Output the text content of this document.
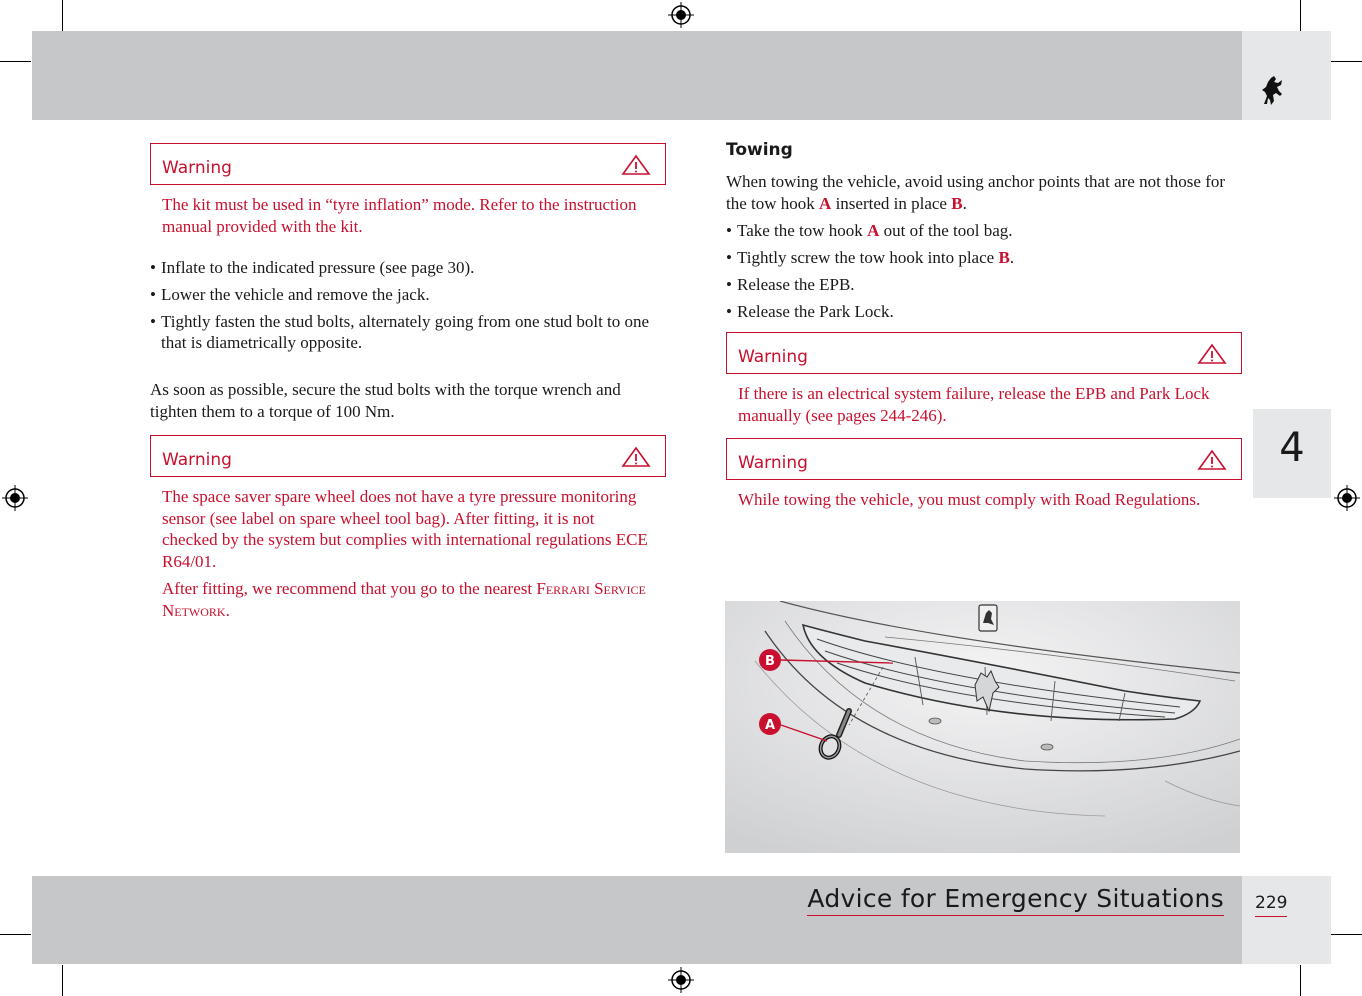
4
Warning

The kit must be used in “tyre inflation” mode. Refer to the instruction manual provided with the kit.

• Inflate to the indicated pressure (see page 30).
• Lower the vehicle and remove the jack.
• Tightly fasten the stud bolts, alternately going from one stud bolt to one that is diametrically opposite.

As soon as possible, secure the stud bolts with the torque wrench and tighten them to a torque of 100 Nm.

Warning

The space saver spare wheel does not have a tyre pressure monitoring sensor (see label on spare wheel tool bag). After fitting, it is not checked by the system but complies with international regulations ECE R64/01.

After fitting, we recommend that you go to the nearest Ferrari Service Network.

Towing

When towing the vehicle, avoid using anchor points that are not those for the tow hook A inserted in place B.

• Take the tow hook A out of the tool bag.
• Tightly screw the tow hook into place B.
• Release the EPB.
• Release the Park Lock.
Warning

If there is an electrical system failure, release the EPB and Park Lock manually (see pages 244-246).

Warning

While towing the vehicle, you must comply with Road Regulations.

B
A
Advice for Emergency Situations 229
